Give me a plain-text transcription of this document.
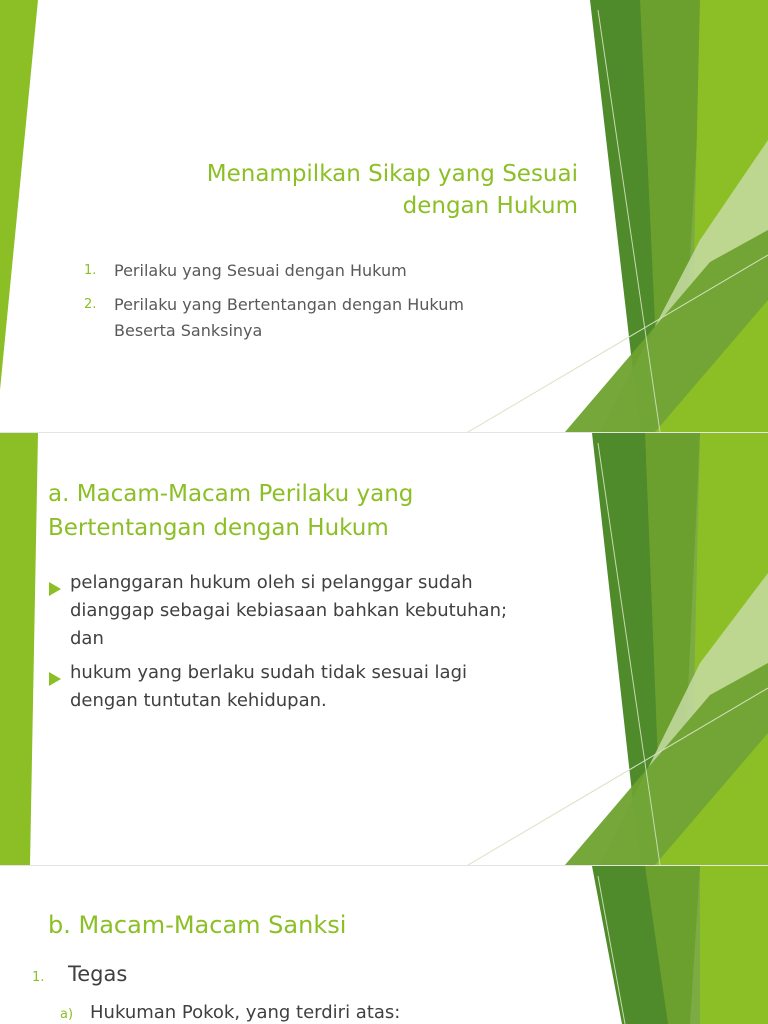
Menampilkan Sikap yang Sesuai
dengan Hukum
1.	Perilaku yang Sesuai dengan Hukum
2.	Perilaku yang Bertentangan dengan Hukum
Beserta Sanksinya
a. Macam-Macam Perilaku yang
Bertentangan dengan Hukum
pelanggaran hukum oleh si pelanggar sudah
dianggap sebagai kebiasaan bahkan kebutuhan;
dan
hukum yang berlaku sudah tidak sesuai lagi
dengan tuntutan kehidupan.
b. Macam-Macam Sanksi
1.	Tegas
a) Hukuman Pokok, yang terdiri atas:
